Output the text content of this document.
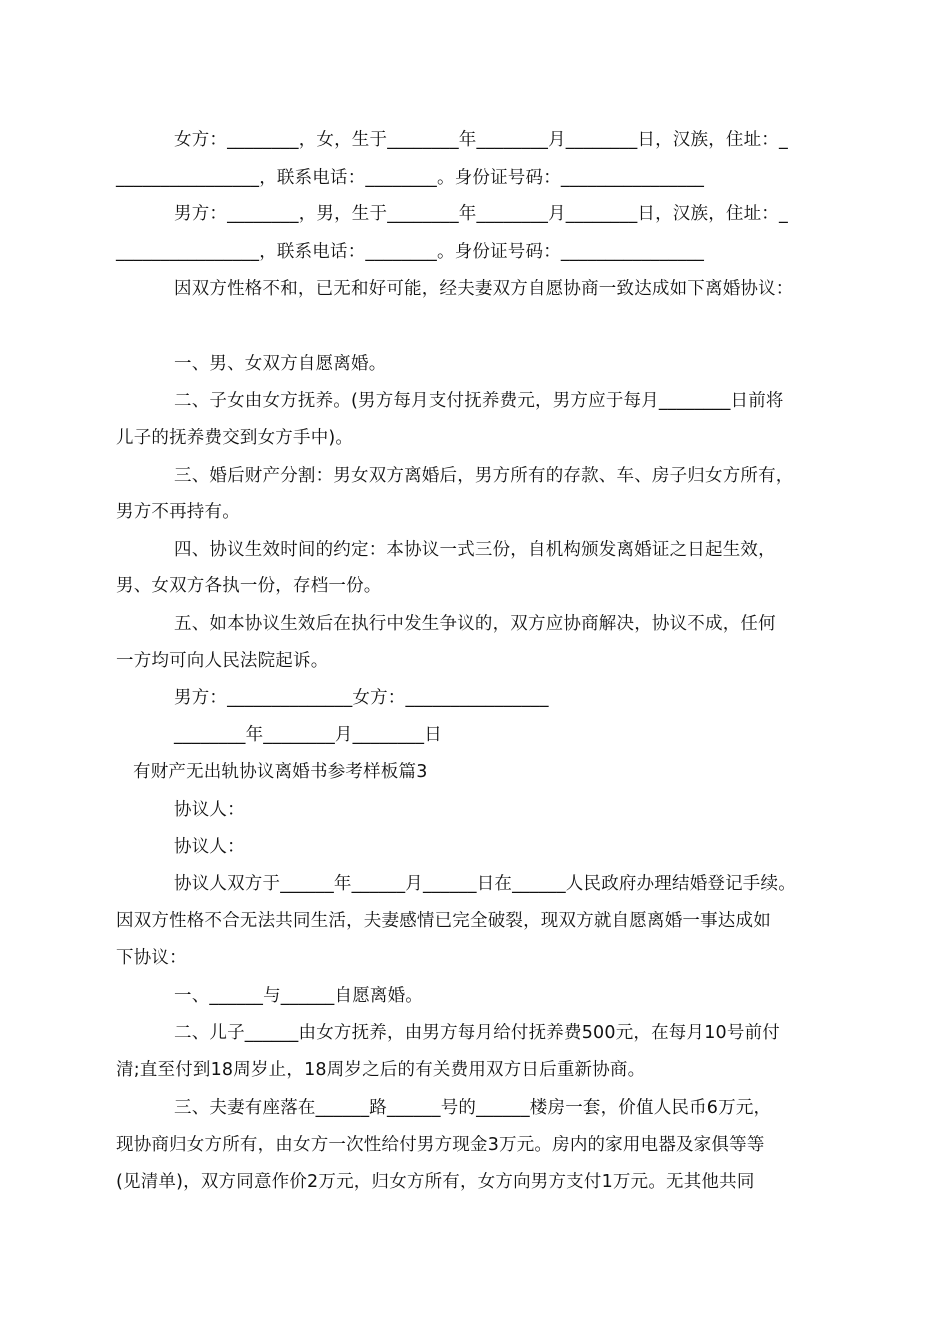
女方：________，女，生于________年________月________日，汉族，住址：_
________________，联系电话：________。身份证号码：________________
男方：________，男，生于________年________月________日，汉族，住址：_
________________，联系电话：________。身份证号码：________________
因双方性格不和，已无和好可能，经夫妻双方自愿协商一致达成如下离婚协议：
一、男、女双方自愿离婚。
二、子女由女方抚养。(男方每月支付抚养费元，男方应于每月________日前将
儿子的抚养费交到女方手中)。
三、婚后财产分割：男女双方离婚后，男方所有的存款、车、房子归女方所有，
男方不再持有。
四、协议生效时间的约定：本协议一式三份，自机构颁发离婚证之日起生效，
男、女双方各执一份，存档一份。
五、如本协议生效后在执行中发生争议的，双方应协商解决，协议不成，任何
一方均可向人民法院起诉。
男方：______________女方：________________
________年________月________日
有财产无出轨协议离婚书参考样板篇3
协议人：
协议人：
协议人双方于______年______月______日在______人民政府办理结婚登记手续。
因双方性格不合无法共同生活，夫妻感情已完全破裂，现双方就自愿离婚一事达成如
下协议：
一、______与______自愿离婚。
二、儿子______由女方抚养，由男方每月给付抚养费500元，在每月10号前付
清;直至付到18周岁止，18周岁之后的有关费用双方日后重新协商。
三、夫妻有座落在______路______号的______楼房一套，价值人民币6万元，
现协商归女方所有，由女方一次性给付男方现金3万元。房内的家用电器及家俱等等
(见清单)，双方同意作价2万元，归女方所有，女方向男方支付1万元。无其他共同
